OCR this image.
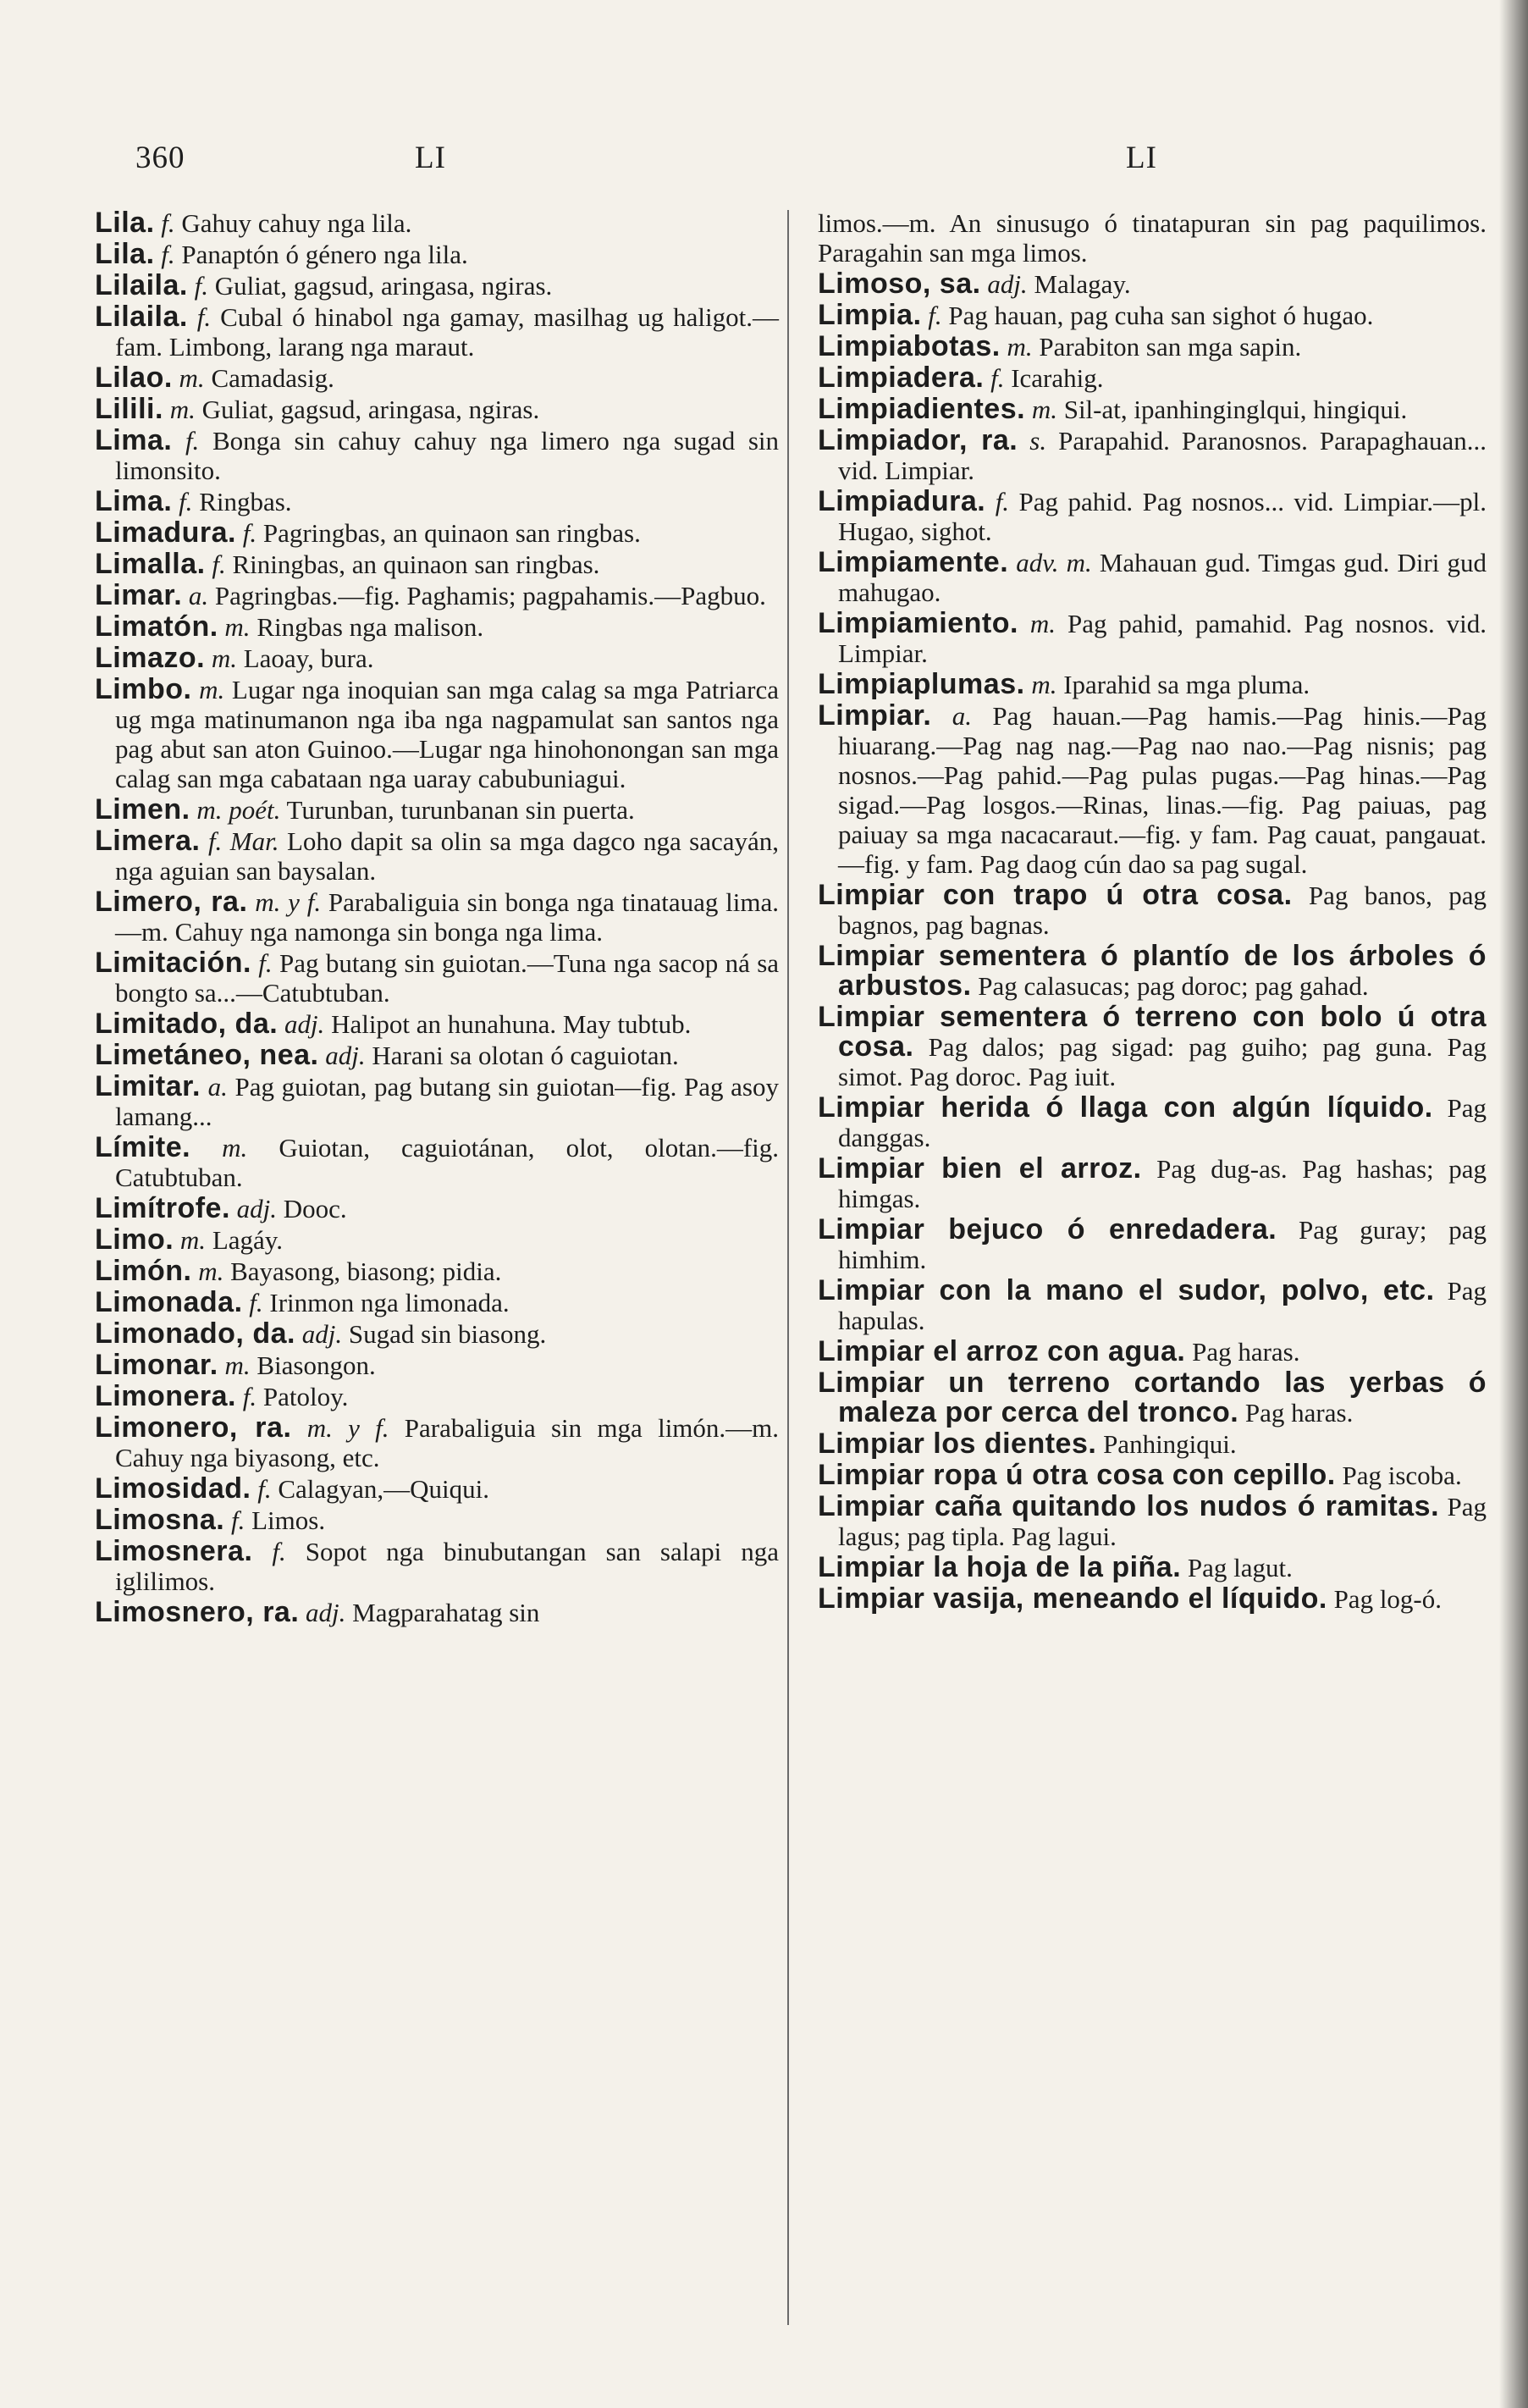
360	LI	LI
Lila. f. Gahuy cahuy nga lila.
Lila. f. Panaptón ó género nga lila.
Lilaila. f. Guliat, gagsud, aringasa, ngiras.
Lilaila. f. Cubal ó hinabol nga gamay, masilhag ug haligot.—fam. Limbong, larang nga maraut.
Lilao. m. Camadasig.
Lilili. m. Guliat, gagsud, aringasa, ngiras.
Lima. f. Bonga sin cahuy cahuy nga limero nga sugad sin limonsito.
Lima. f. Ringbas.
Limadura. f. Pagringbas, an quinaon san ringbas.
Limalla. f. Riningbas, an quinaon san ringbas.
Limar. a. Pagringbas.—fig. Paghamis; pagpahamis.—Pagbuo.
Limatón. m. Ringbas nga malison.
Limazo. m. Laoay, bura.
Limbo. m. Lugar nga inoquian san mga calag sa mga Patriarca ug mga matinumanon nga iba nga nagpamulat san santos nga pag abut san aton Guinoo.—Lugar nga hinohonongan san mga calag san mga cabataan nga uaray cabubuniagui.
Limen. m. poét. Turunban, turunbanan sin puerta.
Limera. f. Mar. Loho dapit sa olin sa mga dagco nga sacayán, nga aguian san baysalan.
Limero, ra. m. y f. Parabaliguia sin bonga nga tinatauag lima.—m. Cahuy nga namonga sin bonga nga lima.
Limitación. f. Pag butang sin guiotan.—Tuna nga sacop ná sa bongto sa...—Catubtuban.
Limitado, da. adj. Halipot an hunahuna. May tubtub.
Limetáneo, nea. adj. Harani sa olotan ó caguiotan.
Limitar. a. Pag guiotan, pag butang sin guiotan—fig. Pag asoy lamang...
Límite. m. Guiotan, caguiotánan, olot, olotan.—fig. Catubtuban.
Limítrofe. adj. Dooc.
Limo. m. Lagáy.
Limón. m. Bayasong, biasong; pidia.
Limonada. f. Irinmon nga limonada.
Limonado, da. adj. Sugad sin biasong.
Limonar. m. Biasongon.
Limonera. f. Patoloy.
Limonero, ra. m. y f. Parabaliguia sin mga limón.—m. Cahuy nga biyasong, etc.
Limosidad. f. Calagyan,—Quiqui.
Limosna. f. Limos.
Limosnera. f. Sopot nga binubutangan san salapi nga iglilimos.
Limosnero, ra. adj. Magparahatag sin
limos.—m. An sinusugo ó tinatapuran sin pag paquilimos. Paragahin san mga limos.
Limoso, sa. adj. Malagay.
Limpia. f. Pag hauan, pag cuha san sighot ó hugao.
Limpiabotas. m. Parabiton san mga sapin.
Limpiadera. f. Icarahig.
Limpiadientes. m. Sil-at, ipanhinginglqui, hingiqui.
Limpiador, ra. s. Parapahid. Paranosnos. Parapaghauan... vid. Limpiar.
Limpiadura. f. Pag pahid. Pag nosnos... vid. Limpiar.—pl. Hugao, sighot.
Limpiamente. adv. m. Mahauan gud. Timgas gud. Diri gud mahugao.
Limpiamiento. m. Pag pahid, pamahid. Pag nosnos. vid. Limpiar.
Limpiaplumas. m. Iparahid sa mga pluma.
Limpiar. a. Pag hauan.—Pag hamis.—Pag hinis.—Pag hiuarang.—Pag nag nag.—Pag nao nao.—Pag nisnis; pag nosnos.—Pag pahid.—Pag pulas pugas.—Pag hinas.—Pag sigad.—Pag losgos.—Rinas, linas.—fig. Pag paiuas, pag paiuay sa mga nacacaraut.—fig. y fam. Pag cauat, pangauat.—fig. y fam. Pag daog cún dao sa pag sugal.
Limpiar con trapo ú otra cosa. Pag banos, pag bagnos, pag bagnas.
Limpiar sementera ó plantío de los árboles ó arbustos. Pag calasucas; pag doroc; pag gahad.
Limpiar sementera ó terreno con bolo ú otra cosa. Pag dalos; pag sigad: pag guiho; pag guna. Pag simot. Pag doroc. Pag iuit.
Limpiar herida ó llaga con algún líquido. Pag danggas.
Limpiar bien el arroz. Pag dug-as. Pag hashas; pag himgas.
Limpiar bejuco ó enredadera. Pag guray; pag himhim.
Limpiar con la mano el sudor, polvo, etc. Pag hapulas.
Limpiar el arroz con agua. Pag haras.
Limpiar un terreno cortando las yerbas ó maleza por cerca del tronco. Pag haras.
Limpiar los dientes. Panhingiqui.
Limpiar ropa ú otra cosa con cepillo. Pag iscoba.
Limpiar caña quitando los nudos ó ramitas. Pag lagus; pag tipla. Pag lagui.
Limpiar la hoja de la piña. Pag lagut.
Limpiar vasija, meneando el líquido. Pag log-ó.
